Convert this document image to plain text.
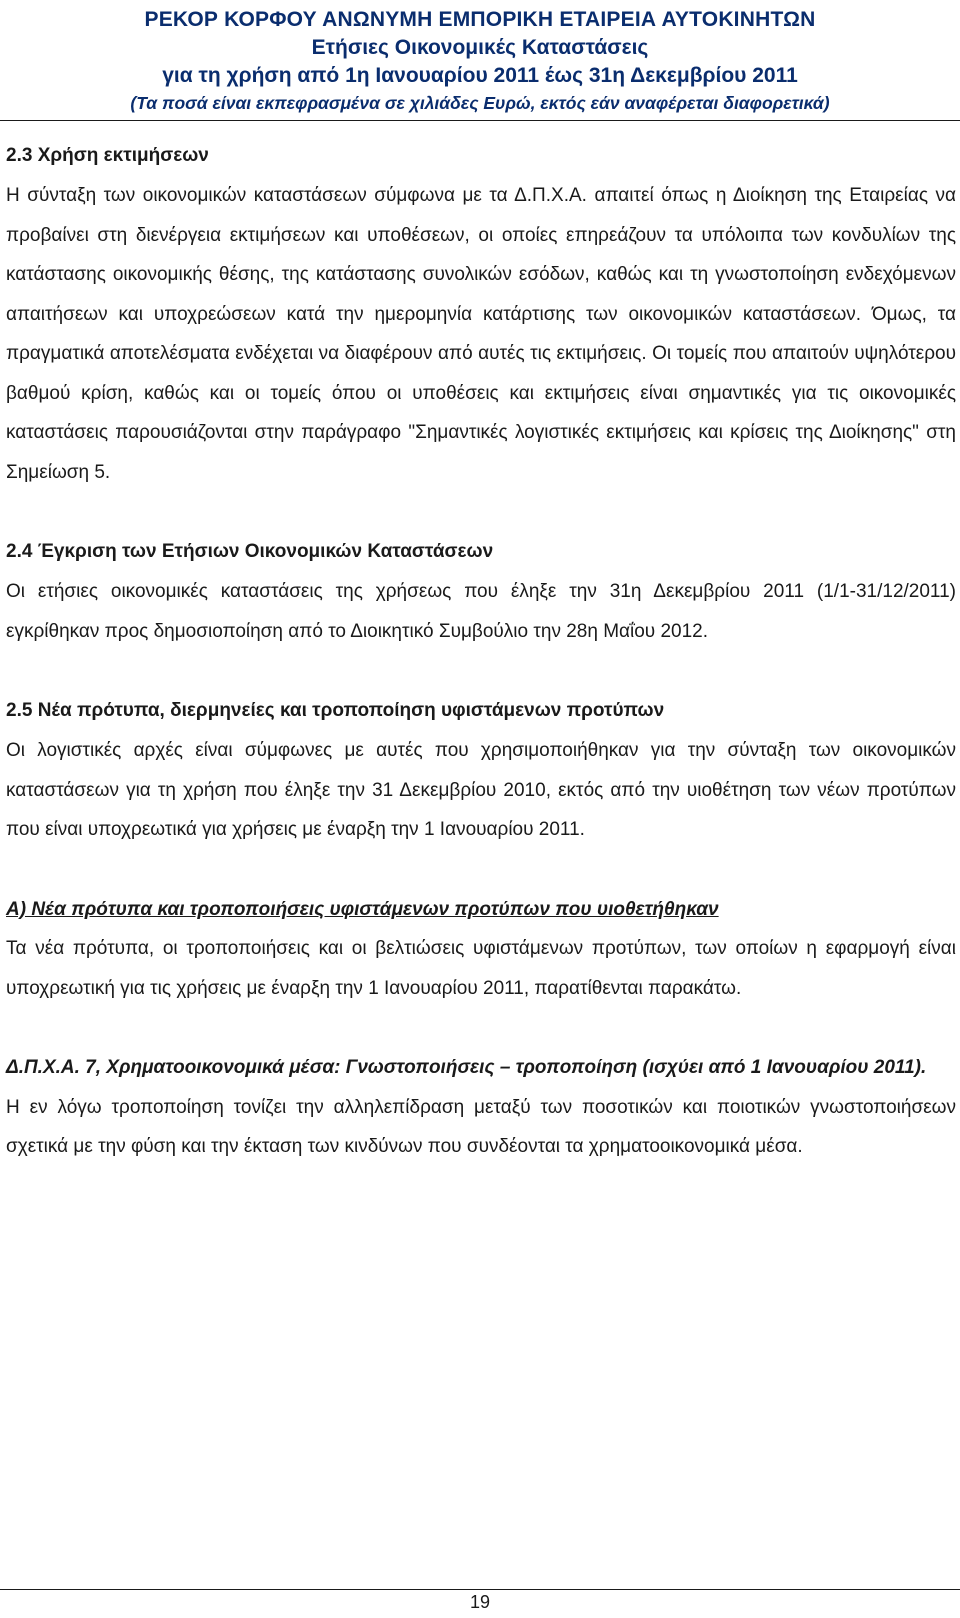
ΡΕΚΟΡ ΚΟΡΦΟΥ ΑΝΩΝΥΜΗ ΕΜΠΟΡΙΚΗ ΕΤΑΙΡΕΙΑ ΑΥΤΟΚΙΝΗΤΩΝ
Ετήσιες Οικονομικές Καταστάσεις
για τη χρήση από 1η Ιανουαρίου 2011 έως 31η Δεκεμβρίου 2011
(Τα ποσά είναι εκπεφρασμένα σε χιλιάδες Ευρώ, εκτός εάν αναφέρεται διαφορετικά)

2.3 Χρήση εκτιμήσεων

Η σύνταξη των οικονομικών καταστάσεων σύμφωνα με τα Δ.Π.Χ.Α. απαιτεί όπως η Διοίκηση της Εταιρείας να προβαίνει στη διενέργεια εκτιμήσεων και υποθέσεων, οι οποίες επηρεάζουν τα υπόλοιπα των κονδυλίων της κατάστασης οικονομικής θέσης, της κατάστασης συνολικών εσόδων, καθώς και τη γνωστοποίηση ενδεχόμενων απαιτήσεων και υποχρεώσεων κατά την ημερομηνία κατάρτισης των οικονομικών καταστάσεων. Όμως, τα πραγματικά αποτελέσματα ενδέχεται να διαφέρουν από αυτές τις εκτιμήσεις. Οι τομείς που απαιτούν υψηλότερου βαθμού κρίση, καθώς και οι τομείς όπου οι υποθέσεις και εκτιμήσεις είναι σημαντικές για τις οικονομικές καταστάσεις παρουσιάζονται στην παράγραφο "Σημαντικές λογιστικές εκτιμήσεις και κρίσεις της Διοίκησης" στη Σημείωση 5.

2.4 Έγκριση των Ετήσιων Οικονομικών Καταστάσεων

Οι ετήσιες οικονομικές καταστάσεις της χρήσεως που έληξε την 31η Δεκεμβρίου 2011 (1/1-31/12/2011) εγκρίθηκαν προς δημοσιοποίηση από το Διοικητικό Συμβούλιο την 28η Μαΐου 2012.

2.5 Νέα πρότυπα, διερμηνείες και τροποποίηση υφιστάμενων προτύπων

Οι λογιστικές αρχές είναι σύμφωνες με αυτές που χρησιμοποιήθηκαν για την σύνταξη των οικονομικών καταστάσεων για τη χρήση που έληξε την 31 Δεκεμβρίου 2010, εκτός από την υιοθέτηση των νέων προτύπων που είναι υποχρεωτικά για χρήσεις με έναρξη την 1 Ιανουαρίου 2011.

Α) Νέα πρότυπα και τροποποιήσεις υφιστάμενων προτύπων που υιοθετήθηκαν

Τα νέα πρότυπα, οι τροποποιήσεις και οι βελτιώσεις υφιστάμενων προτύπων, των οποίων η εφαρμογή είναι υποχρεωτική για τις χρήσεις με έναρξη την 1 Ιανουαρίου 2011, παρατίθενται παρακάτω.

Δ.Π.Χ.Α. 7, Χρηματοοικονομικά μέσα: Γνωστοποιήσεις – τροποποίηση (ισχύει από 1 Ιανουαρίου 2011).

Η εν λόγω τροποποίηση τονίζει την αλληλεπίδραση μεταξύ των ποσοτικών και ποιοτικών γνωστοποιήσεων σχετικά με την φύση και την έκταση των κινδύνων που συνδέονται τα χρηματοοικονομικά μέσα.

19
